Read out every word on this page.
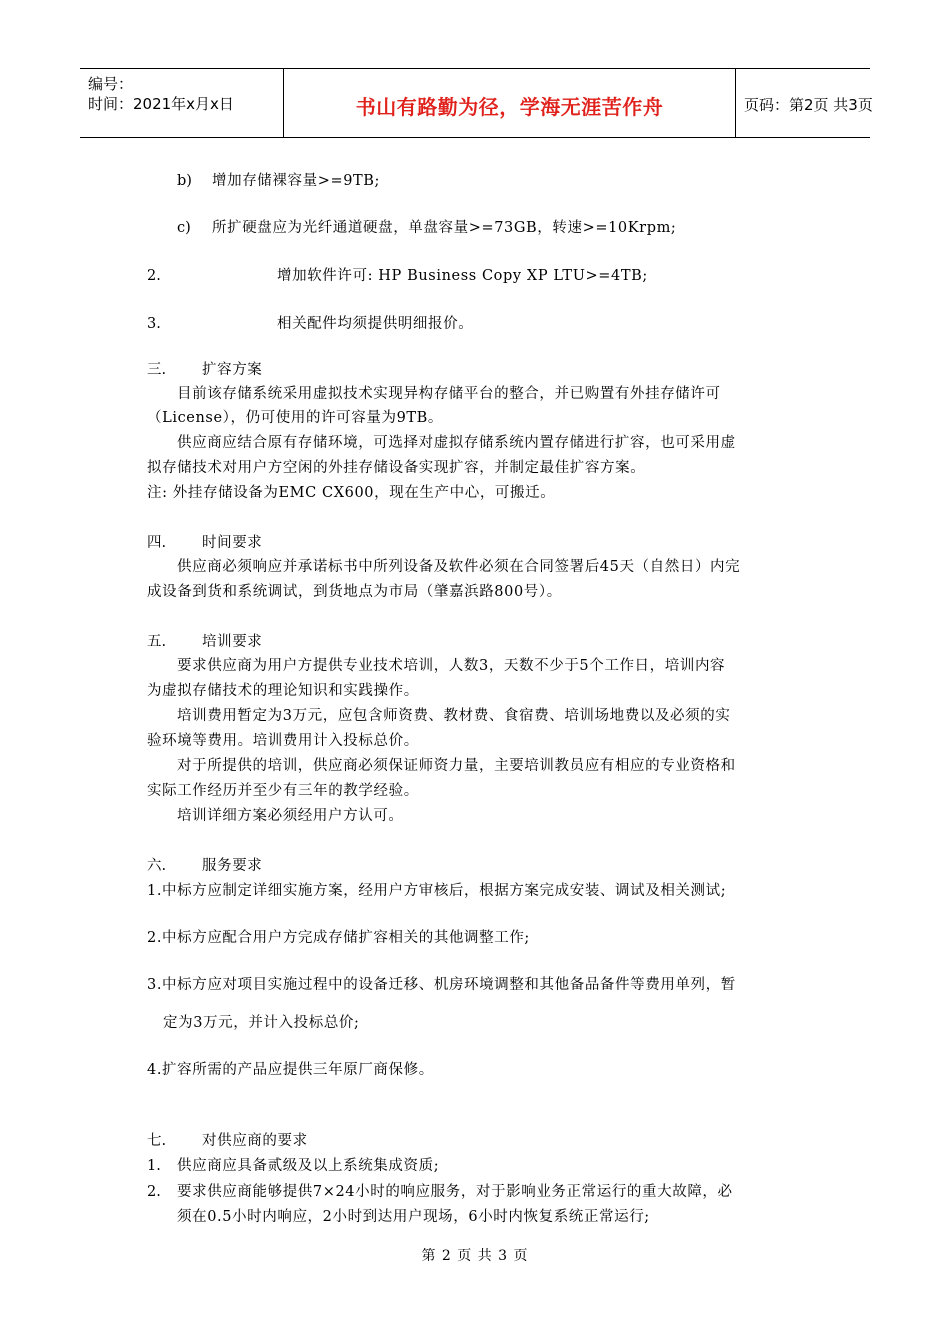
编号：
时间：2021年x月x日	书山有路勤为径，学海无涯苦作舟	页码：第2页 共3页
b) 增加存储裸容量>=9TB;
c) 所扩硬盘应为光纤通道硬盘，单盘容量>=73GB，转速>=10Krpm;
2.	增加软件许可: HP Business Copy XP LTU>=4TB;
3.	相关配件均须提供明细报价。
三. 扩容方案
目前该存储系统采用虚拟技术实现异构存储平台的整合，并已购置有外挂存储许可
（License），仍可使用的许可容量为9TB。
供应商应结合原有存储环境，可选择对虚拟存储系统内置存储进行扩容，也可采用虚
拟存储技术对用户方空闲的外挂存储设备实现扩容，并制定最佳扩容方案。
注: 外挂存储设备为EMC CX600，现在生产中心，可搬迁。
四. 时间要求
供应商必须响应并承诺标书中所列设备及软件必须在合同签署后45天（自然日）内完
成设备到货和系统调试，到货地点为市局（肇嘉浜路800号）。
五. 培训要求
要求供应商为用户方提供专业技术培训，人数3，天数不少于5个工作日，培训内容
为虚拟存储技术的理论知识和实践操作。
培训费用暂定为3万元，应包含师资费、教材费、食宿费、培训场地费以及必须的实
验环境等费用。培训费用计入投标总价。
对于所提供的培训，供应商必须保证师资力量，主要培训教员应有相应的专业资格和
实际工作经历并至少有三年的教学经验。
培训详细方案必须经用户方认可。
六. 服务要求
1.中标方应制定详细实施方案，经用户方审核后，根据方案完成安装、调试及相关测试;
2.中标方应配合用户方完成存储扩容相关的其他调整工作;
3.中标方应对项目实施过程中的设备迁移、机房环境调整和其他备品备件等费用单列，暂
定为3万元，并计入投标总价;
4.扩容所需的产品应提供三年原厂商保修。
七. 对供应商的要求
1. 供应商应具备贰级及以上系统集成资质;
2. 要求供应商能够提供7×24小时的响应服务，对于影响业务正常运行的重大故障，必
须在0.5小时内响应，2小时到达用户现场，6小时内恢复系统正常运行;
第 2 页 共 3 页
